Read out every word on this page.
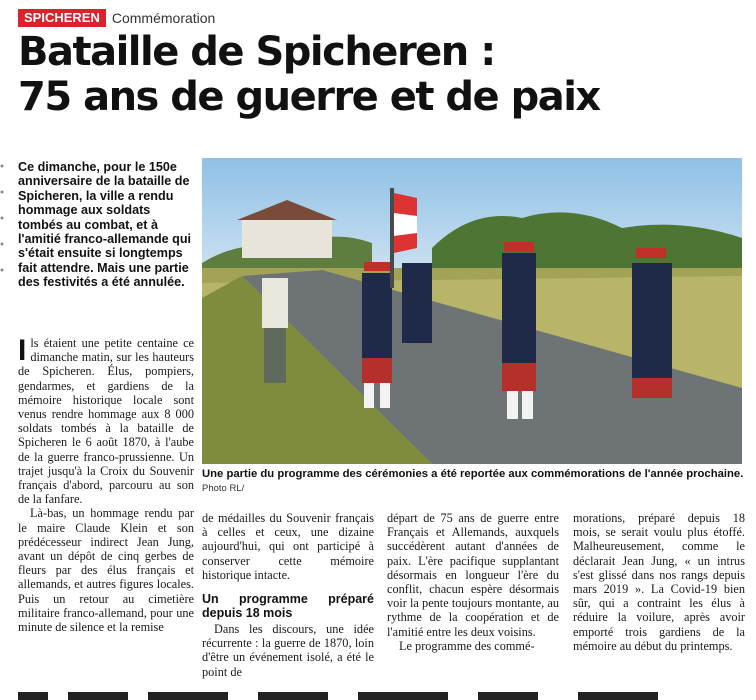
SPICHEREN Commémoration
Bataille de Spicheren :
75 ans de guerre et de paix
Ce dimanche, pour le 150e anniversaire de la bataille de Spicheren, la ville a rendu hommage aux soldats tombés au combat, et à l'amitié franco-allemande qui s'était ensuite si longtemps fait attendre. Mais une partie des festivités a été annulée.
Une partie du programme des cérémonies a été reportée aux commémorations de l'année prochaine.
Photo RL/

I ls étaient une petite centaine ce dimanche matin, sur les hauteurs de Spicheren. Élus, pompiers, gendarmes, et gardiens de la mémoire historique locale sont venus rendre hommage aux 8 000 soldats tombés à la bataille de Spicheren le 6 août 1870, à l'aube de la guerre franco-prussienne. Un trajet jusqu'à la Croix du Souvenir français d'abord, parcouru au son de la fanfare.

Là-bas, un hommage rendu par le maire Claude Klein et son prédécesseur indirect Jean Jung, avant un dépôt de cinq gerbes de fleurs par des élus français et allemands, et autres figures locales. Puis un retour au cimetière militaire franco-allemand, pour une minute de silence et la remise

de médailles du Souvenir français à celles et ceux, une dizaine aujourd'hui, qui ont participé à conserver cette mémoire historique intacte.

Un programme préparé depuis 18 mois

Dans les discours, une idée récurrente : la guerre de 1870, loin d'être un événement isolé, a été le point de

départ de 75 ans de guerre entre Français et Allemands, auxquels succédèrent autant d'années de paix. L'ère pacifique supplantant désormais en longueur l'ère du conflit, chacun espère désormais voir la pente toujours montante, au rythme de la coopération et de l'amitié entre les deux voisins.

Le programme des commé-

morations, préparé depuis 18 mois, se serait voulu plus étoffé. Malheureusement, comme le déclarait Jean Jung, « un intrus s'est glissé dans nos rangs depuis mars 2019 ». La Covid-19 bien sûr, qui a contraint les élus à réduire la voilure, après avoir emporté trois gardiens de la mémoire au début du printemps.
